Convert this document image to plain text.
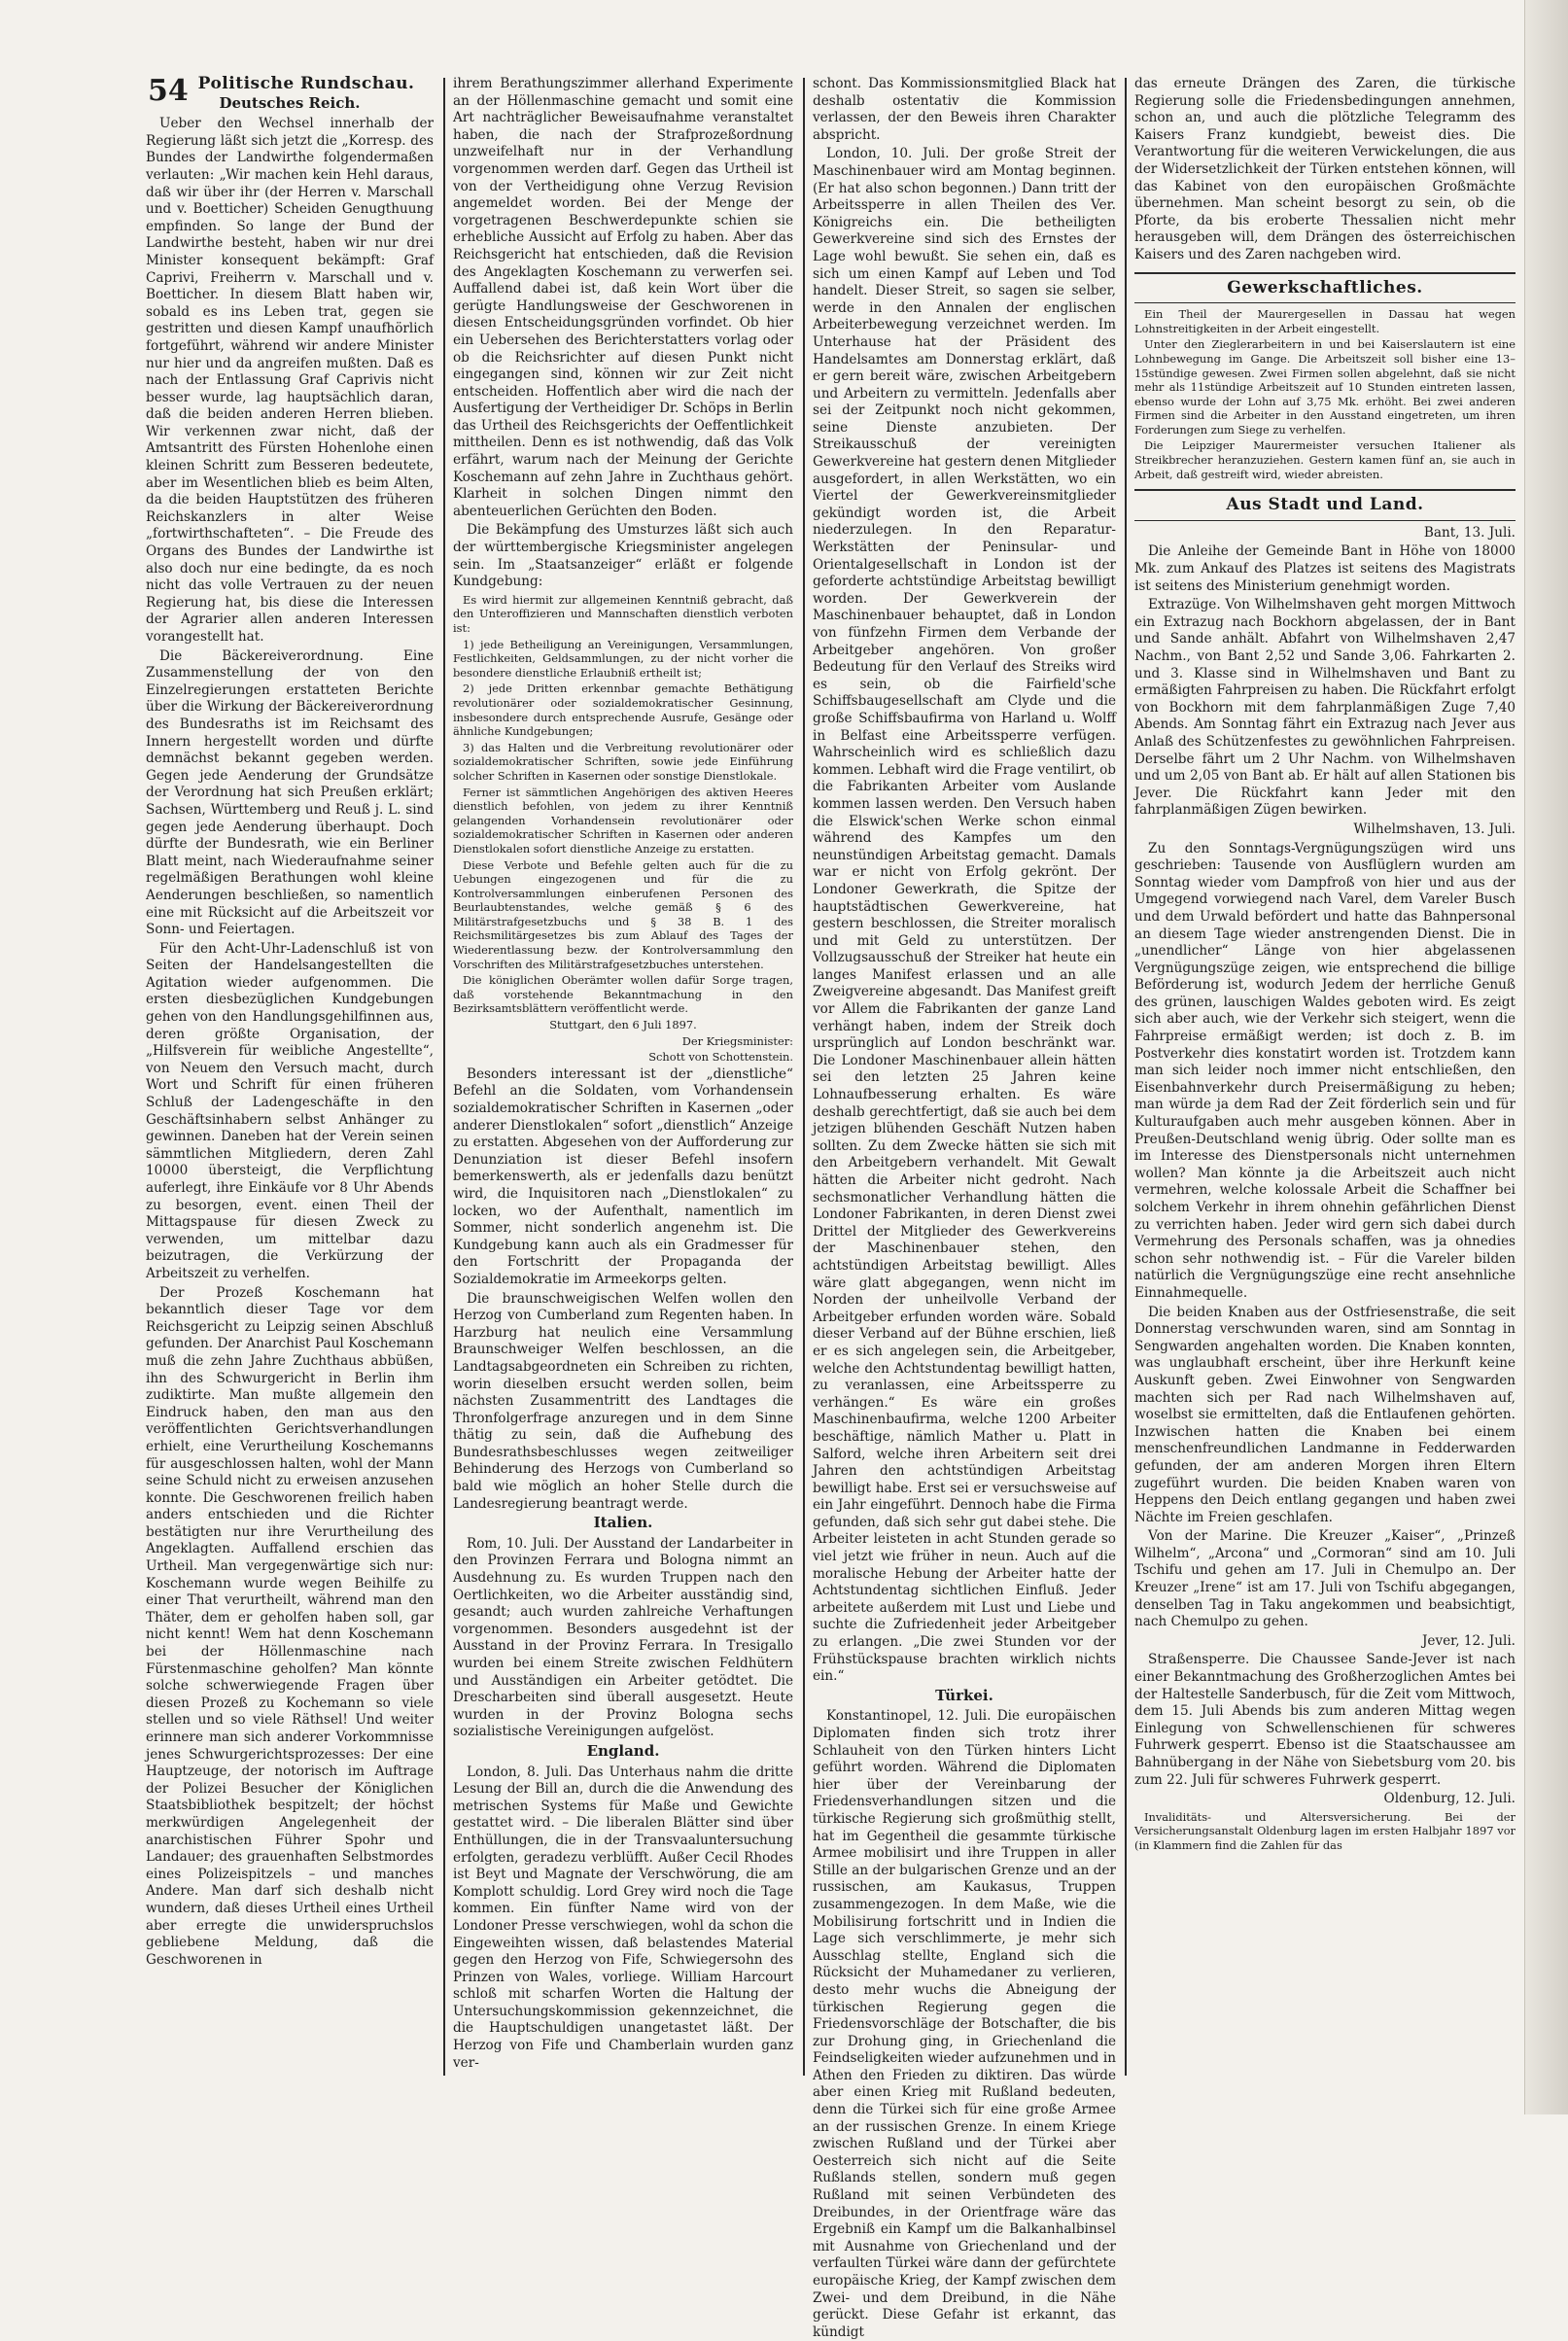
54 Politische Rundschau.
Deutsches Reich.

Ueber den Wechsel innerhalb der Regierung läßt sich jetzt die „Korresp. des Bundes der Landwirthe folgendermaßen verlauten: „Wir machen kein Hehl daraus, daß wir über ihr (der Herren v. Marschall und v. Boetticher) Scheiden Genugthuung empfinden. So lange der Bund der Landwirthe besteht, haben wir nur drei Minister konsequent bekämpft: Graf Caprivi, Freiherrn v. Marschall und v. Boetticher. In diesem Blatt haben wir, sobald es ins Leben trat, gegen sie gestritten und diesen Kampf unaufhörlich fortgeführt, während wir andere Minister nur hier und da angreifen mußten. Daß es nach der Entlassung Graf Caprivis nicht besser wurde, lag hauptsächlich daran, daß die beiden anderen Herren blieben. Wir verkennen zwar nicht, daß der Amtsantritt des Fürsten Hohenlohe einen kleinen Schritt zum Besseren bedeutete, aber im Wesentlichen blieb es beim Alten, da die beiden Hauptstützen des früheren Reichskanzlers in alter Weise „fortwirthschafteten“. – Die Freude des Organs des Bundes der Landwirthe ist also doch nur eine bedingte, da es noch nicht das volle Vertrauen zu der neuen Regierung hat, bis diese die Interessen der Agrarier allen anderen Interessen vorangestellt hat.

Die Bäckereiverordnung. Eine Zusammenstellung der von den Einzelregierungen erstatteten Berichte über die Wirkung der Bäckereiverordnung des Bundesraths ist im Reichsamt des Innern hergestellt worden und dürfte demnächst bekannt gegeben werden. Gegen jede Aenderung der Grundsätze der Verordnung hat sich Preußen erklärt; Sachsen, Württemberg und Reuß j. L. sind gegen jede Aenderung überhaupt. Doch dürfte der Bundesrath, wie ein Berliner Blatt meint, nach Wiederaufnahme seiner regelmäßigen Berathungen wohl kleine Aenderungen beschließen, so namentlich eine mit Rücksicht auf die Arbeitszeit vor Sonn- und Feiertagen.

Für den Acht-Uhr-Ladenschluß ist von Seiten der Handelsangestellten die Agitation wieder aufgenommen. Die ersten diesbezüglichen Kundgebungen gehen von den Handlungsgehilfinnen aus, deren größte Organisation, der „Hilfsverein für weibliche Angestellte“, von Neuem den Versuch macht, durch Wort und Schrift für einen früheren Schluß der Ladengeschäfte in den Geschäftsinhabern selbst Anhänger zu gewinnen. Daneben hat der Verein seinen sämmtlichen Mitgliedern, deren Zahl 10000 übersteigt, die Verpflichtung auferlegt, ihre Einkäufe vor 8 Uhr Abends zu besorgen, event. einen Theil der Mittagspause für diesen Zweck zu verwenden, um mittelbar dazu beizutragen, die Verkürzung der Arbeitszeit zu verhelfen.

Der Prozeß Koschemann hat bekanntlich dieser Tage vor dem Reichsgericht zu Leipzig seinen Abschluß gefunden. Der Anarchist Paul Koschemann muß die zehn Jahre Zuchthaus abbüßen, ihn des Schwurgericht in Berlin ihm zudiktirte. Man mußte allgemein den Eindruck haben, den man aus den veröffentlichten Gerichtsverhandlungen erhielt, eine Verurtheilung Koschemanns für ausgeschlossen halten, wohl der Mann seine Schuld nicht zu erweisen anzusehen konnte. Die Geschworenen freilich haben anders entschieden und die Richter bestätigten nur ihre Verurtheilung des Angeklagten. Auffallend erschien das Urtheil. Man vergegenwärtige sich nur: Koschemann wurde wegen Beihilfe zu einer That verurtheilt, während man den Thäter, dem er geholfen haben soll, gar nicht kennt! Wem hat denn Koschemann bei der Höllenmaschine nach Fürstenmaschine geholfen? Man könnte solche schwerwiegende Fragen über diesen Prozeß zu Kochemann so viele stellen und so viele Räthsel! Und weiter erinnere man sich anderer Vorkommnisse jenes Schwurgerichtsprozesses: Der eine Hauptzeuge, der notorisch im Auftrage der Polizei Besucher der Königlichen Staatsbibliothek bespitzelt; der höchst merkwürdigen Angelegenheit der anarchistischen Führer Spohr und Landauer; des grauenhaften Selbstmordes eines Polizeispitzels – und manches Andere. Man darf sich deshalb nicht wundern, daß dieses Urtheil eines Urtheil aber erregte die unwiderspruchslos gebliebene Meldung, daß die Geschworenen in

ihrem Berathungszimmer allerhand Experimente an der Höllenmaschine gemacht und somit eine Art nachträglicher Beweisaufnahme veranstaltet haben, die nach der Strafprozeßordnung unzweifelhaft nur in der Verhandlung vorgenommen werden darf. Gegen das Urtheil ist von der Vertheidigung ohne Verzug Revision angemeldet worden. Bei der Menge der vorgetragenen Beschwerdepunkte schien sie erhebliche Aussicht auf Erfolg zu haben. Aber das Reichsgericht hat entschieden, daß die Revision des Angeklagten Koschemann zu verwerfen sei. Auffallend dabei ist, daß kein Wort über die gerügte Handlungsweise der Geschworenen in diesen Entscheidungsgründen vorfindet. Ob hier ein Uebersehen des Berichterstatters vorlag oder ob die Reichsrichter auf diesen Punkt nicht eingegangen sind, können wir zur Zeit nicht entscheiden. Hoffentlich aber wird die nach der Ausfertigung der Vertheidiger Dr. Schöps in Berlin das Urtheil des Reichsgerichts der Oeffentlichkeit mittheilen. Denn es ist nothwendig, daß das Volk erfährt, warum nach der Meinung der Gerichte Koschemann auf zehn Jahre in Zuchthaus gehört. Klarheit in solchen Dingen nimmt den abenteuerlichen Gerüchten den Boden.

Die Bekämpfung des Umsturzes läßt sich auch der württembergische Kriegsminister angelegen sein. Im „Staatsanzeiger“ erläßt er folgende Kundgebung:

Es wird hiermit zur allgemeinen Kenntniß gebracht, daß den Unteroffizieren und Mannschaften dienstlich verboten ist:

1) jede Betheiligung an Vereinigungen, Versammlungen, Festlichkeiten, Geldsammlungen, zu der nicht vorher die besondere dienstliche Erlaubniß ertheilt ist;

2) jede Dritten erkennbar gemachte Bethätigung revolutionärer oder sozialdemokratischer Gesinnung, insbesondere durch entsprechende Ausrufe, Gesänge oder ähnliche Kundgebungen;

3) das Halten und die Verbreitung revolutionärer oder sozialdemokratischer Schriften, sowie jede Einführung solcher Schriften in Kasernen oder sonstige Dienstlokale.

Ferner ist sämmtlichen Angehörigen des aktiven Heeres dienstlich befohlen, von jedem zu ihrer Kenntniß gelangenden Vorhandensein revolutionärer oder sozialdemokratischer Schriften in Kasernen oder anderen Dienstlokalen sofort dienstliche Anzeige zu erstatten.

Diese Verbote und Befehle gelten auch für die zu Uebungen eingezogenen und für die zu Kontrolversammlungen einberufenen Personen des Beurlaubtenstandes, welche gemäß § 6 des Militärstrafgesetzbuchs und § 38 B. 1 des Reichsmilitärgesetzes bis zum Ablauf des Tages der Wiederentlassung bezw. der Kontrolversammlung den Vorschriften des Militärstrafgesetzbuches unterstehen.

Die königlichen Oberämter wollen dafür Sorge tragen, daß vorstehende Bekanntmachung in den Bezirksamtsblättern veröffentlicht werde.

Stuttgart, den 6 Juli 1897.

Der Kriegsminister:

Schott von Schottenstein.

Besonders interessant ist der „dienstliche“ Befehl an die Soldaten, vom Vorhandensein sozialdemokratischer Schriften in Kasernen „oder anderer Dienstlokalen“ sofort „dienstlich“ Anzeige zu erstatten. Abgesehen von der Aufforderung zur Denunziation ist dieser Befehl insofern bemerkenswerth, als er jedenfalls dazu benützt wird, die Inquisitoren nach „Dienstlokalen“ zu locken, wo der Aufenthalt, namentlich im Sommer, nicht sonderlich angenehm ist. Die Kundgebung kann auch als ein Gradmesser für den Fortschritt der Propaganda der Sozialdemokratie im Armeekorps gelten.

Die braunschweigischen Welfen wollen den Herzog von Cumberland zum Regenten haben. In Harzburg hat neulich eine Versammlung Braunschweiger Welfen beschlossen, an die Landtagsabgeordneten ein Schreiben zu richten, worin dieselben ersucht werden sollen, beim nächsten Zusammentritt des Landtages die Thronfolgerfrage anzuregen und in dem Sinne thätig zu sein, daß die Aufhebung des Bundesrathsbeschlusses wegen zeitweiliger Behinderung des Herzogs von Cumberland so bald wie möglich an hoher Stelle durch die Landesregierung beantragt werde.

Italien.

Rom, 10. Juli. Der Ausstand der Landarbeiter in den Provinzen Ferrara und Bologna nimmt an Ausdehnung zu. Es wurden Truppen nach den Oertlichkeiten, wo die Arbeiter ausständig sind, gesandt; auch wurden zahlreiche Verhaftungen vorgenommen. Besonders ausgedehnt ist der Ausstand in der Provinz Ferrara. In Tresigallo wurden bei einem Streite zwischen Feldhütern und Ausständigen ein Arbeiter getödtet. Die Drescharbeiten sind überall ausgesetzt. Heute wurden in der Provinz Bologna sechs sozialistische Vereinigungen aufgelöst.

England.

London, 8. Juli. Das Unterhaus nahm die dritte Lesung der Bill an, durch die die Anwendung des metrischen Systems für Maße und Gewichte gestattet wird. – Die liberalen Blätter sind über Enthüllungen, die in der Transvaaluntersuchung erfolgten, geradezu verblüfft. Außer Cecil Rhodes ist Beyt und Magnate der Verschwörung, die am Komplott schuldig. Lord Grey wird noch die Tage kommen. Ein fünfter Name wird von der Londoner Presse verschwiegen, wohl da schon die Eingeweihten wissen, daß belastendes Material gegen den Herzog von Fife, Schwiegersohn des Prinzen von Wales, vorliege. William Harcourt schloß mit scharfen Worten die Haltung der Untersuchungskommission gekennzeichnet, die die Hauptschuldigen unangetastet läßt. Der Herzog von Fife und Chamberlain wurden ganz ver-

schont. Das Kommissionsmitglied Black hat deshalb ostentativ die Kommission verlassen, der den Beweis ihren Charakter abspricht.

London, 10. Juli. Der große Streit der Maschinenbauer wird am Montag beginnen. (Er hat also schon begonnen.) Dann tritt der Arbeitssperre in allen Theilen des Ver. Königreichs ein. Die betheiligten Gewerkvereine sind sich des Ernstes der Lage wohl bewußt. Sie sehen ein, daß es sich um einen Kampf auf Leben und Tod handelt. Dieser Streit, so sagen sie selber, werde in den Annalen der englischen Arbeiterbewegung verzeichnet werden. Im Unterhause hat der Präsident des Handelsamtes am Donnerstag erklärt, daß er gern bereit wäre, zwischen Arbeitgebern und Arbeitern zu vermitteln. Jedenfalls aber sei der Zeitpunkt noch nicht gekommen, seine Dienste anzubieten. Der Streikausschuß der vereinigten Gewerkvereine hat gestern denen Mitglieder ausgefordert, in allen Werkstätten, wo ein Viertel der Gewerkvereinsmitglieder gekündigt worden ist, die Arbeit niederzulegen. In den Reparatur-Werkstätten der Peninsular- und Orientalgesellschaft in London ist der geforderte achtstündige Arbeitstag bewilligt worden. Der Gewerkverein der Maschinenbauer behauptet, daß in London von fünfzehn Firmen dem Verbande der Arbeitgeber angehören. Von großer Bedeutung für den Verlauf des Streiks wird es sein, ob die Fairfield'sche Schiffsbaugesellschaft am Clyde und die große Schiffsbaufirma von Harland u. Wolff in Belfast eine Arbeitssperre verfügen. Wahrscheinlich wird es schließlich dazu kommen. Lebhaft wird die Frage ventilirt, ob die Fabrikanten Arbeiter vom Auslande kommen lassen werden. Den Versuch haben die Elswick'schen Werke schon einmal während des Kampfes um den neunstündigen Arbeitstag gemacht. Damals war er nicht von Erfolg gekrönt. Der Londoner Gewerkrath, die Spitze der hauptstädtischen Gewerkvereine, hat gestern beschlossen, die Streiter moralisch und mit Geld zu unterstützen. Der Vollzugsausschuß der Streiker hat heute ein langes Manifest erlassen und an alle Zweigvereine abgesandt. Das Manifest greift vor Allem die Fabrikanten der ganze Land verhängt haben, indem der Streik doch ursprünglich auf London beschränkt war. Die Londoner Maschinenbauer allein hätten sei den letzten 25 Jahren keine Lohnaufbesserung erhalten. Es wäre deshalb gerechtfertigt, daß sie auch bei dem jetzigen blühenden Geschäft Nutzen haben sollten. Zu dem Zwecke hätten sie sich mit den Arbeitgebern verhandelt. Mit Gewalt hätten die Arbeiter nicht gedroht. Nach sechsmonatlicher Verhandlung hätten die Londoner Fabrikanten, in deren Dienst zwei Drittel der Mitglieder des Gewerkvereins der Maschinenbauer stehen, den achtstündigen Arbeitstag bewilligt. Alles wäre glatt abgegangen, wenn nicht im Norden der unheilvolle Verband der Arbeitgeber erfunden worden wäre. Sobald dieser Verband auf der Bühne erschien, ließ er es sich angelegen sein, die Arbeitgeber, welche den Achtstundentag bewilligt hatten, zu veranlassen, eine Arbeitssperre zu verhängen.“ Es wäre ein großes Maschinenbaufirma, welche 1200 Arbeiter beschäftige, nämlich Mather u. Platt in Salford, welche ihren Arbeitern seit drei Jahren den achtstündigen Arbeitstag bewilligt habe. Erst sei er versuchsweise auf ein Jahr eingeführt. Dennoch habe die Firma gefunden, daß sich sehr gut dabei stehe. Die Arbeiter leisteten in acht Stunden gerade so viel jetzt wie früher in neun. Auch auf die moralische Hebung der Arbeiter hatte der Achtstundentag sichtlichen Einfluß. Jeder arbeitete außerdem mit Lust und Liebe und suchte die Zufriedenheit jeder Arbeitgeber zu erlangen. „Die zwei Stunden vor der Frühstückspause brachten wirklich nichts ein.“

Türkei.

Konstantinopel, 12. Juli. Die europäischen Diplomaten finden sich trotz ihrer Schlauheit von den Türken hinters Licht geführt worden. Während die Diplomaten hier über der Vereinbarung der Friedensverhandlungen sitzen und die türkische Regierung sich großmüthig stellt, hat im Gegentheil die gesammte türkische Armee mobilisirt und ihre Truppen in aller Stille an der bulgarischen Grenze und an der russischen, am Kaukasus, Truppen zusammengezogen. In dem Maße, wie die Mobilisirung fortschritt und in Indien die Lage sich verschlimmerte, je mehr sich Ausschlag stellte, England sich die Rücksicht der Muhamedaner zu verlieren, desto mehr wuchs die Abneigung der türkischen Regierung gegen die Friedensvorschläge der Botschafter, die bis zur Drohung ging, in Griechenland die Feindseligkeiten wieder aufzunehmen und in Athen den Frieden zu diktiren. Das würde aber einen Krieg mit Rußland bedeuten, denn die Türkei sich für eine große Armee an der russischen Grenze. In einem Kriege zwischen Rußland und der Türkei aber Oesterreich sich nicht auf die Seite Rußlands stellen, sondern muß gegen Rußland mit seinen Verbündeten des Dreibundes, in der Orientfrage wäre das Ergebniß ein Kampf um die Balkanhalbinsel mit Ausnahme von Griechenland und der verfaulten Türkei wäre dann der gefürchtete europäische Krieg, der Kampf zwischen dem Zwei- und dem Dreibund, in die Nähe gerückt. Diese Gefahr ist erkannt, das kündigt

das erneute Drängen des Zaren, die türkische Regierung solle die Friedensbedingungen annehmen, schon an, und auch die plötzliche Telegramm des Kaisers Franz kundgiebt, beweist dies. Die Verantwortung für die weiteren Verwickelungen, die aus der Widersetzlichkeit der Türken entstehen können, will das Kabinet von den europäischen Großmächte übernehmen. Man scheint besorgt zu sein, ob die Pforte, da bis eroberte Thessalien nicht mehr herausgeben will, dem Drängen des österreichischen Kaisers und des Zaren nachgeben wird.

Gewerkschaftliches.

Ein Theil der Maurergesellen in Dassau hat wegen Lohnstreitigkeiten in der Arbeit eingestellt.

Unter den Zieglerarbeitern in und bei Kaiserslautern ist eine Lohnbewegung im Gange. Die Arbeitszeit soll bisher eine 13–15stündige gewesen. Zwei Firmen sollen abgelehnt, daß sie nicht mehr als 11stündige Arbeitszeit auf 10 Stunden eintreten lassen, ebenso wurde der Lohn auf 3,75 Mk. erhöht. Bei zwei anderen Firmen sind die Arbeiter in den Ausstand eingetreten, um ihren Forderungen zum Siege zu verhelfen.

Die Leipziger Maurermeister versuchen Italiener als Streikbrecher heranzuziehen. Gestern kamen fünf an, sie auch in Arbeit, daß gestreift wird, wieder abreisten.

Aus Stadt und Land.

Bant, 13. Juli.

Die Anleihe der Gemeinde Bant in Höhe von 18000 Mk. zum Ankauf des Platzes ist seitens des Magistrats ist seitens des Ministerium genehmigt worden.

Extrazüge. Von Wilhelmshaven geht morgen Mittwoch ein Extrazug nach Bockhorn abgelassen, der in Bant und Sande anhält. Abfahrt von Wilhelmshaven 2,47 Nachm., von Bant 2,52 und Sande 3,06. Fahrkarten 2. und 3. Klasse sind in Wilhelmshaven und Bant zu ermäßigten Fahrpreisen zu haben. Die Rückfahrt erfolgt von Bockhorn mit dem fahrplanmäßigen Zuge 7,40 Abends. Am Sonntag fährt ein Extrazug nach Jever aus Anlaß des Schützenfestes zu gewöhnlichen Fahrpreisen. Derselbe fährt um 2 Uhr Nachm. von Wilhelmshaven und um 2,05 von Bant ab. Er hält auf allen Stationen bis Jever. Die Rückfahrt kann Jeder mit den fahrplanmäßigen Zügen bewirken.

Wilhelmshaven, 13. Juli.

Zu den Sonntags-Vergnügungszügen wird uns geschrieben: Tausende von Ausflüglern wurden am Sonntag wieder vom Dampfroß von hier und aus der Umgegend vorwiegend nach Varel, dem Vareler Busch und dem Urwald befördert und hatte das Bahnpersonal an diesem Tage wieder anstrengenden Dienst. Die in „unendlicher“ Länge von hier abgelassenen Vergnügungszüge zeigen, wie entsprechend die billige Beförderung ist, wodurch Jedem der herrliche Genuß des grünen, lauschigen Waldes geboten wird. Es zeigt sich aber auch, wie der Verkehr sich steigert, wenn die Fahrpreise ermäßigt werden; ist doch z. B. im Postverkehr dies konstatirt worden ist. Trotzdem kann man sich leider noch immer nicht entschließen, den Eisenbahnverkehr durch Preisermäßigung zu heben; man würde ja dem Rad der Zeit förderlich sein und für Kulturaufgaben auch mehr ausgeben können. Aber in Preußen-Deutschland wenig übrig. Oder sollte man es im Interesse des Dienstpersonals nicht unternehmen wollen? Man könnte ja die Arbeitszeit auch nicht vermehren, welche kolossale Arbeit die Schaffner bei solchem Verkehr in ihrem ohnehin gefährlichen Dienst zu verrichten haben. Jeder wird gern sich dabei durch Vermehrung des Personals schaffen, was ja ohnedies schon sehr nothwendig ist. – Für die Vareler bilden natürlich die Vergnügungszüge eine recht ansehnliche Einnahmequelle.

Die beiden Knaben aus der Ostfriesenstraße, die seit Donnerstag verschwunden waren, sind am Sonntag in Sengwarden angehalten worden. Die Knaben konnten, was unglaubhaft erscheint, über ihre Herkunft keine Auskunft geben. Zwei Einwohner von Sengwarden machten sich per Rad nach Wilhelmshaven auf, woselbst sie ermittelten, daß die Entlaufenen gehörten. Inzwischen hatten die Knaben bei einem menschenfreundlichen Landmanne in Fedderwarden gefunden, der am anderen Morgen ihren Eltern zugeführt wurden. Die beiden Knaben waren von Heppens den Deich entlang gegangen und haben zwei Nächte im Freien geschlafen.

Von der Marine. Die Kreuzer „Kaiser“, „Prinzeß Wilhelm“, „Arcona“ und „Cormoran“ sind am 10. Juli Tschifu und gehen am 17. Juli in Chemulpo an. Der Kreuzer „Irene“ ist am 17. Juli von Tschifu abgegangen, denselben Tag in Taku angekommen und beabsichtigt, nach Chemulpo zu gehen.

Jever, 12. Juli.

Straßensperre. Die Chaussee Sande-Jever ist nach einer Bekanntmachung des Großherzoglichen Amtes bei der Haltestelle Sanderbusch, für die Zeit vom Mittwoch, dem 15. Juli Abends bis zum anderen Mittag wegen Einlegung von Schwellenschienen für schweres Fuhrwerk gesperrt. Ebenso ist die Staatschaussee am Bahnübergang in der Nähe von Siebetsburg vom 20. bis zum 22. Juli für schweres Fuhrwerk gesperrt.

Oldenburg, 12. Juli.

Invaliditäts- und Altersversicherung. Bei der Versicherungsanstalt Oldenburg lagen im ersten Halbjahr 1897 vor (in Klammern find die Zahlen für das
